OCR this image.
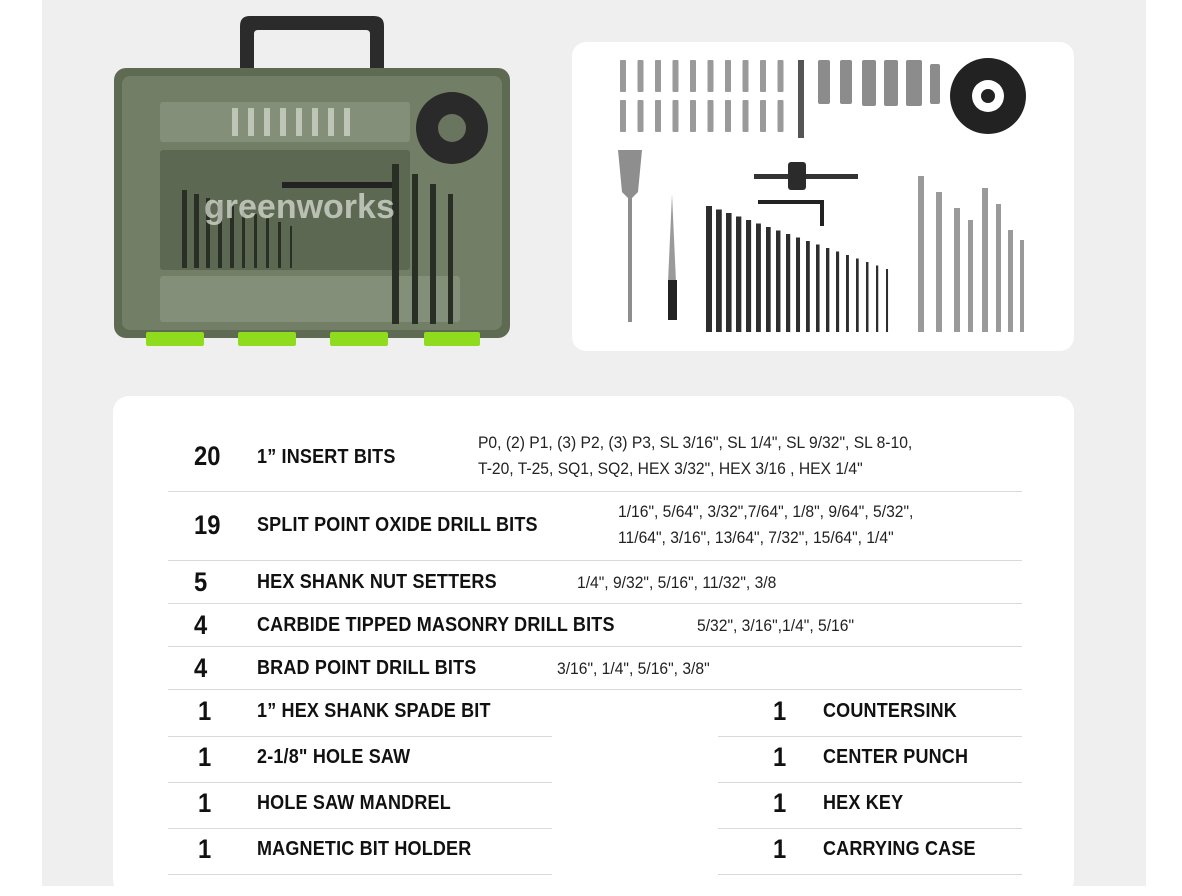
greenworks
20 1” INSERT BITS
P0, (2) P1, (3) P2, (3) P3, SL 3/16", SL 1/4", SL 9/32", SL 8-10,
T-20, T-25, SQ1, SQ2, HEX 3/32", HEX 3/16 , HEX 1/4"
19 SPLIT POINT OXIDE DRILL BITS
1/16", 5/64", 3/32",7/64", 1/8", 9/64", 5/32",
11/64", 3/16", 13/64", 7/32", 15/64", 1/4"
5 HEX SHANK NUT SETTERS	1/4", 9/32", 5/16", 11/32", 3/8
4 CARBIDE TIPPED MASONRY DRILL BITS	5/32", 3/16",1/4", 5/16"
4 BRAD POINT DRILL BITS	3/16", 1/4", 5/16", 3/8"
1 1” HEX SHANK SPADE BIT
1 2-1/8" HOLE SAW
1 HOLE SAW MANDREL
1 MAGNETIC BIT HOLDER
1 COUNTERSINK
1 CENTER PUNCH
1 HEX KEY
1 CARRYING CASE
